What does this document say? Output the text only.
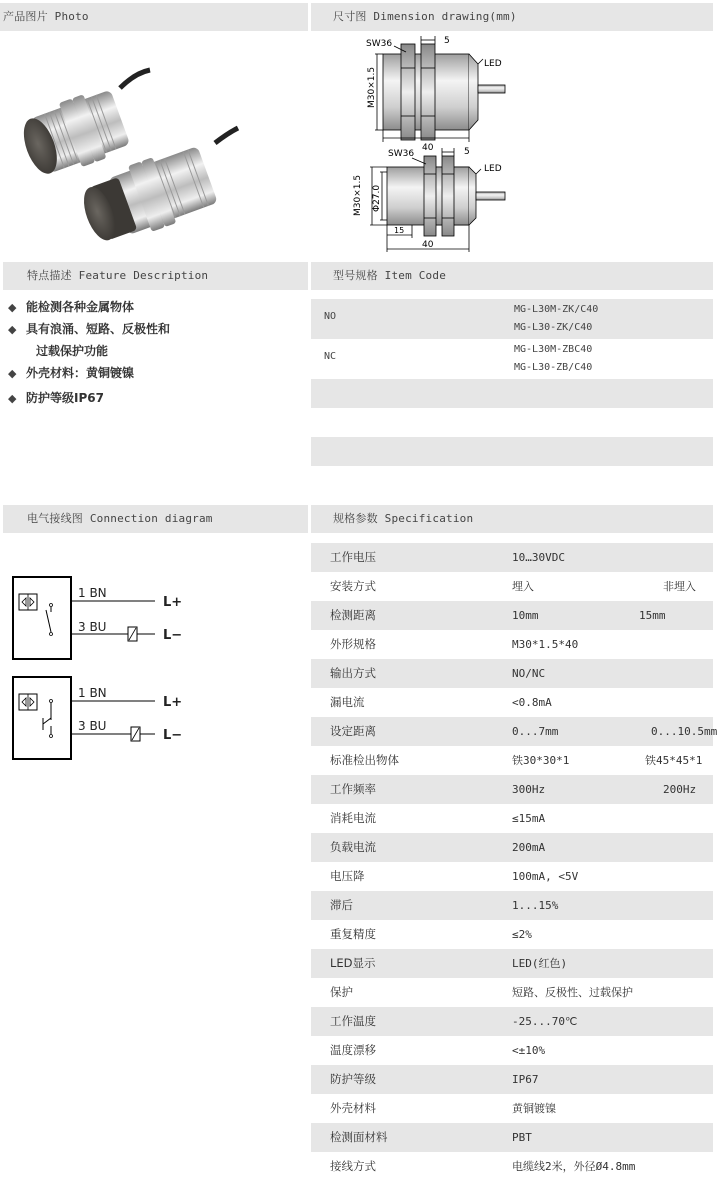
产品图片 Photo	尺寸图 Dimension drawing(mm)
SW36	5
LED
M30×1.5
40
SW36	5
LED
M30×1.5 Φ27.0
15
40
特点描述 Feature Description	型号规格 Item Code
◆ 能检测各种金属物体
◆ 具有浪涌、短路、反极性和
过载保护功能
◆ 外壳材料：黄铜镀镍
◆ 防护等级IP67
NO
MG-L30M-ZK/C40
MG-L30-ZK/C40
NC
MG-L30M-ZBC40
MG-L30-ZB/C40
电气接线图 Connection diagram	规格参数 Specification
1 BN
3 BU
L+
L−
1 BN
3 BU
L+
L−
工作电压	10…30VDC
安装方式	埋入	非埋入
检测距离	10mm	15mm
外形规格	M30*1.5*40
输出方式	NO/NC
漏电流	<0.8mA
设定距离	0...7mm	0...10.5mm
标准检出物体	铁30*30*1	铁45*45*1
工作频率	300Hz	200Hz
消耗电流	≤15mA
负载电流	200mA
电压降	100mA, <5V
滞后	1...15%
重复精度	≤2%
LED显示	LED(红色)
保护	短路、反极性、过载保护
工作温度	-25...70℃
温度漂移	<±10%
防护等级	IP67
外壳材料	黄铜镀镍
检测面材料	PBT
接线方式	电缆线2米，外径Ø4.8mm
